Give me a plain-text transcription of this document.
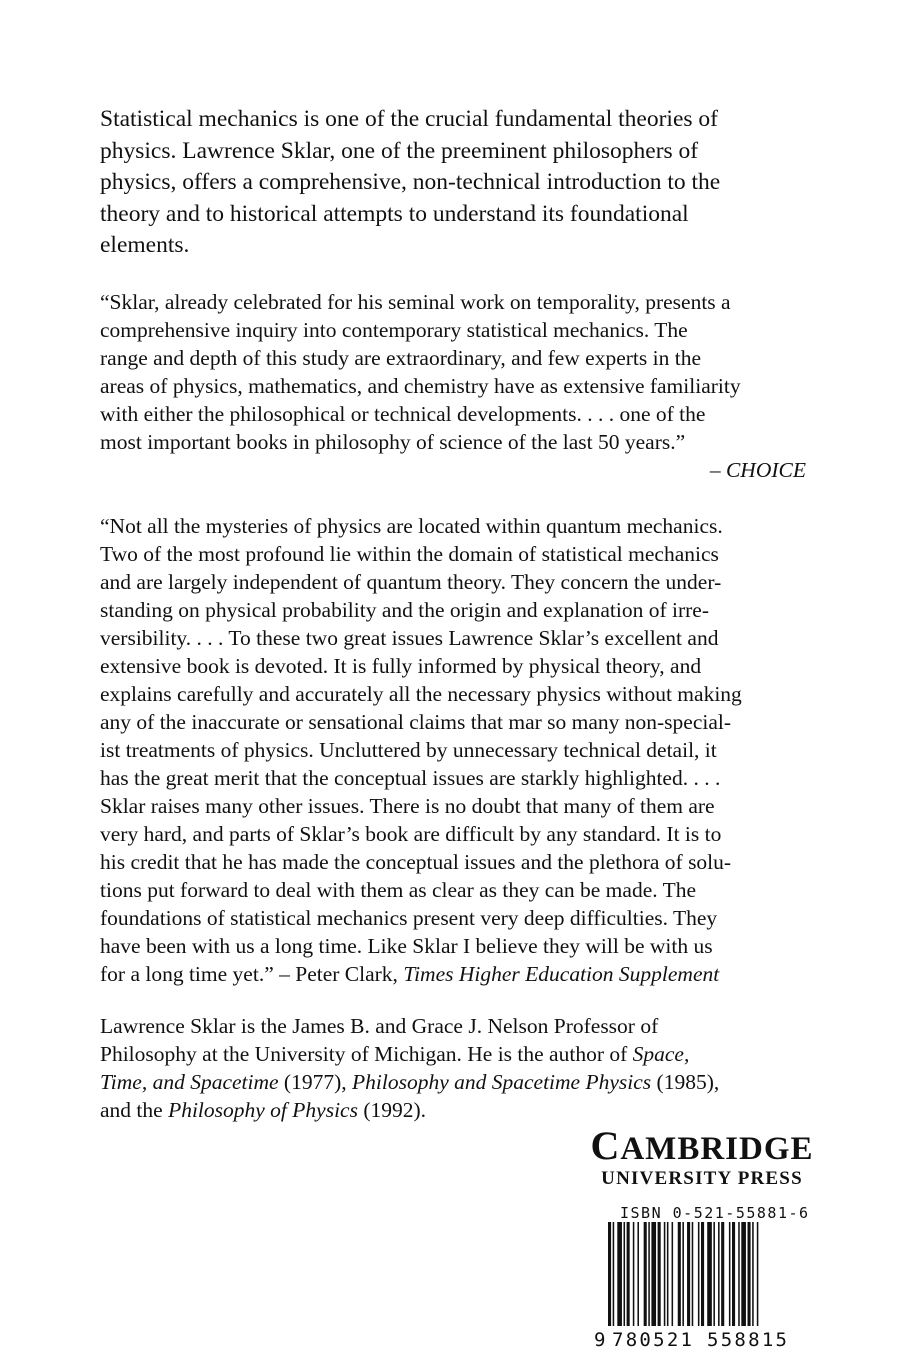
Statistical mechanics is one of the crucial fundamental theories of
physics. Lawrence Sklar, one of the preeminent philosophers of
physics, offers a comprehensive, non-technical introduction to the
theory and to historical attempts to understand its foundational
elements.
“Sklar, already celebrated for his seminal work on temporality, presents a
comprehensive inquiry into contemporary statistical mechanics. The
range and depth of this study are extraordinary, and few experts in the
areas of physics, mathematics, and chemistry have as extensive familiarity
with either the philosophical or technical developments. . . . one of the
most important books in philosophy of science of the last 50 years.”
– CHOICE
“Not all the mysteries of physics are located within quantum mechanics.
Two of the most profound lie within the domain of statistical mechanics
and are largely independent of quantum theory. They concern the under-
standing on physical probability and the origin and explanation of irre-
versibility. . . . To these two great issues Lawrence Sklar’s excellent and
extensive book is devoted. It is fully informed by physical theory, and
explains carefully and accurately all the necessary physics without making
any of the inaccurate or sensational claims that mar so many non-special-
ist treatments of physics. Uncluttered by unnecessary technical detail, it
has the great merit that the conceptual issues are starkly highlighted. . . .
Sklar raises many other issues. There is no doubt that many of them are
very hard, and parts of Sklar’s book are difficult by any standard. It is to
his credit that he has made the conceptual issues and the plethora of solu-
tions put forward to deal with them as clear as they can be made. The
foundations of statistical mechanics present very deep difficulties. They
have been with us a long time. Like Sklar I believe they will be with us
for a long time yet.” – Peter Clark, Times Higher Education Supplement
Lawrence Sklar is the James B. and Grace J. Nelson Professor of
Philosophy at the University of Michigan. He is the author of Space,
Time, and Spacetime (1977), Philosophy and Spacetime Physics (1985),
and the Philosophy of Physics (1992).
CAMBRIDGE
UNIVERSITY PRESS
ISBN 0-521-55881-6
9 780521 558815
